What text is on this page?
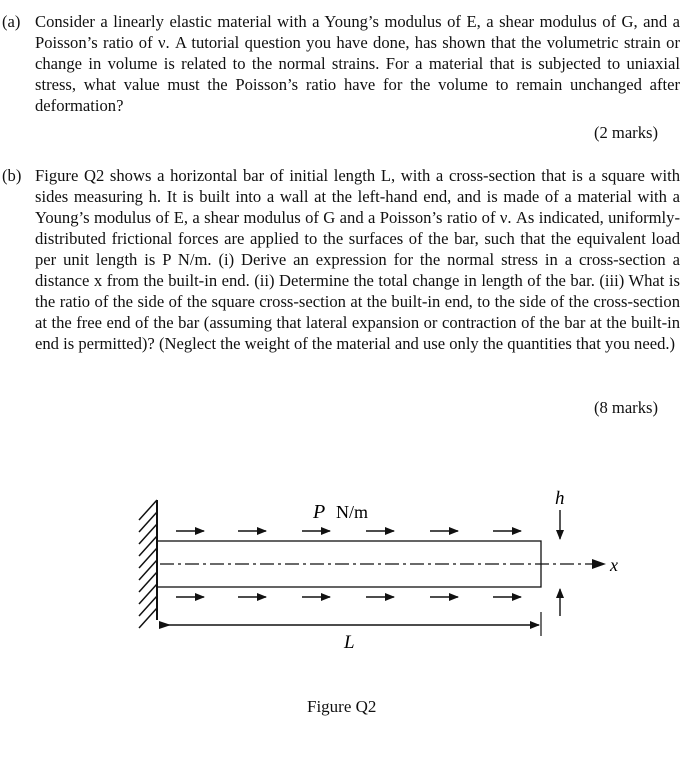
(a) Consider a linearly elastic material with a Young’s modulus of E, a shear modulus of G, and a Poisson’s ratio of ν. A tutorial question you have done, has shown that the volumetric strain or change in volume is related to the normal strains. For a material that is subjected to uniaxial stress, what value must the Poisson’s ratio have for the volume to remain unchanged after deformation?
(2 marks)
(b) Figure Q2 shows a horizontal bar of initial length L, with a cross-section that is a square with sides measuring h. It is built into a wall at the left-hand end, and is made of a material with a Young’s modulus of E, a shear modulus of G and a Poisson’s ratio of ν. As indicated, uniformly-distributed frictional forces are applied to the surfaces of the bar, such that the equivalent load per unit length is P N/m. (i) Derive an expression for the normal stress in a cross-section a distance x from the built-in end. (ii) Determine the total change in length of the bar. (iii) What is the ratio of the side of the square cross-section at the built-in end, to the side of the cross-section at the free end of the bar (assuming that lateral expansion or contraction of the bar at the built-in end is permitted)? (Neglect the weight of the material and use only the quantities that you need.)
(8 marks)
x
P N/m
h
L
Figure Q2
